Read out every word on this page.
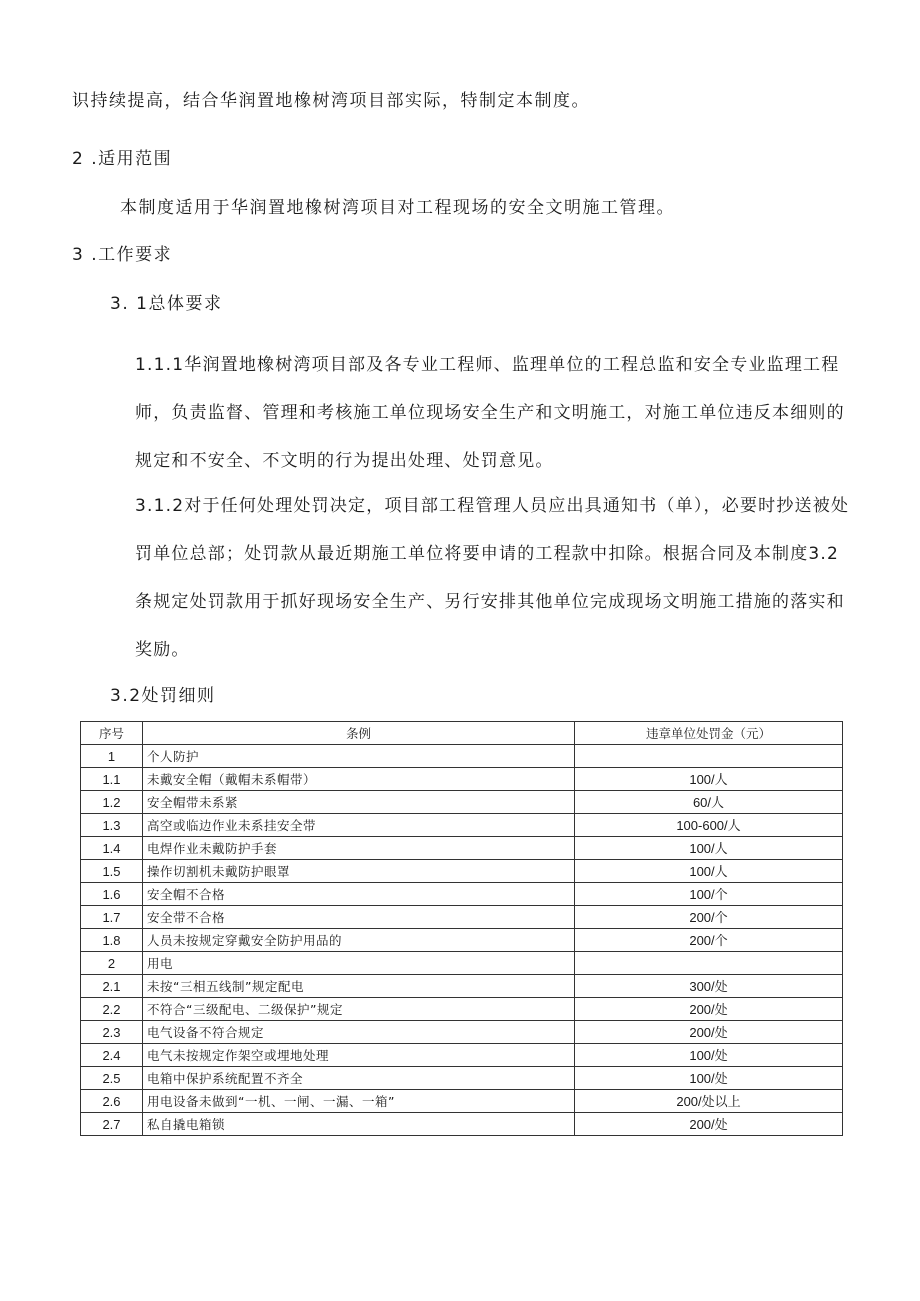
识持续提高，结合华润置地橡树湾项目部实际，特制定本制度。
2 .适用范围
本制度适用于华润置地橡树湾项目对工程现场的安全文明施工管理。
3 .工作要求
3. 1总体要求
1.1.1华润置地橡树湾项目部及各专业工程师、监理单位的工程总监和安全专业监理工程师，负责监督、管理和考核施工单位现场安全生产和文明施工，对施工单位违反本细则的规定和不安全、不文明的行为提出处理、处罚意见。
3.1.2对于任何处理处罚决定，项目部工程管理人员应出具通知书（单），必要时抄送被处罚单位总部；处罚款从最近期施工单位将要申请的工程款中扣除。根据合同及本制度3.2条规定处罚款用于抓好现场安全生产、另行安排其他单位完成现场文明施工措施的落实和奖励。
3.2处罚细则
序号	条例	违章单位处罚金（元）
1	个人防护	
1.1	未戴安全帽（戴帽未系帽带）	100/人
1.2	安全帽带未系紧	60/人
1.3	高空或临边作业未系挂安全带	100-600/人
1.4	电焊作业未戴防护手套	100/人
1.5	操作切割机未戴防护眼罩	100/人
1.6	安全帽不合格	100/个
1.7	安全带不合格	200/个
1.8	人员未按规定穿戴安全防护用品的	200/个
2	用电	
2.1	未按“三相五线制”规定配电	300/处
2.2	不符合“三级配电、二级保护”规定	200/处
2.3	电气设备不符合规定	200/处
2.4	电气未按规定作架空或埋地处理	100/处
2.5	电箱中保护系统配置不齐全	100/处
2.6	用电设备未做到“一机、一闸、一漏、一箱”	200/处以上
2.7	私自撬电箱锁	200/处
